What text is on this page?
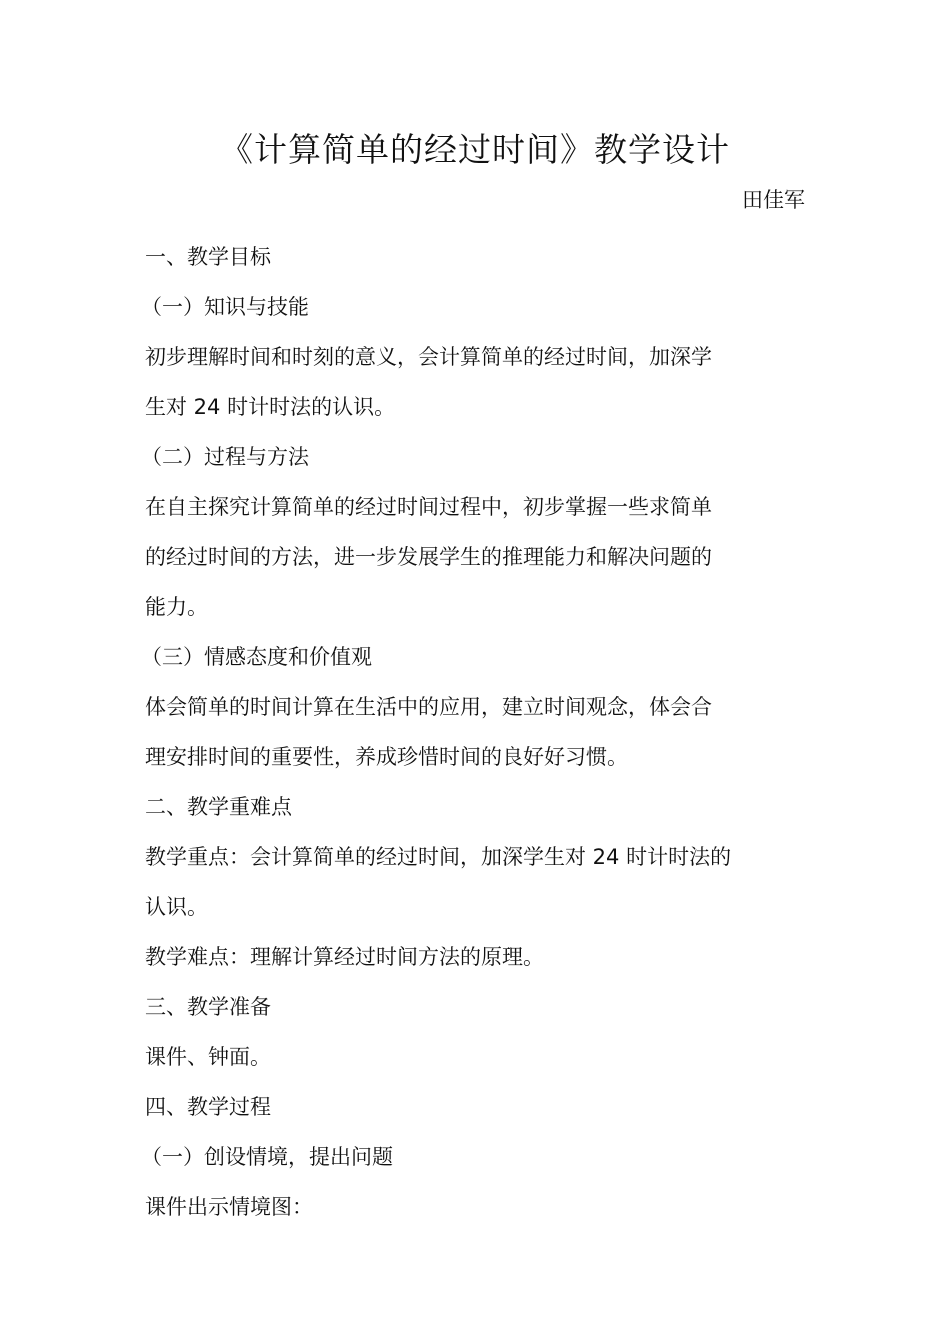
《计算简单的经过时间》教学设计
田佳军
一、教学目标
（一）知识与技能
初步理解时间和时刻的意义，会计算简单的经过时间，加深学
生对 24 时计时法的认识。
（二）过程与方法
在自主探究计算简单的经过时间过程中，初步掌握一些求简单
的经过时间的方法，进一步发展学生的推理能力和解决问题的
能力。
（三）情感态度和价值观
体会简单的时间计算在生活中的应用，建立时间观念，体会合
理安排时间的重要性，养成珍惜时间的良好好习惯。
二、教学重难点
教学重点：会计算简单的经过时间，加深学生对 24 时计时法的
认识。
教学难点：理解计算经过时间方法的原理。
三、教学准备
课件、钟面。
四、教学过程
（一）创设情境，提出问题
课件出示情境图：
